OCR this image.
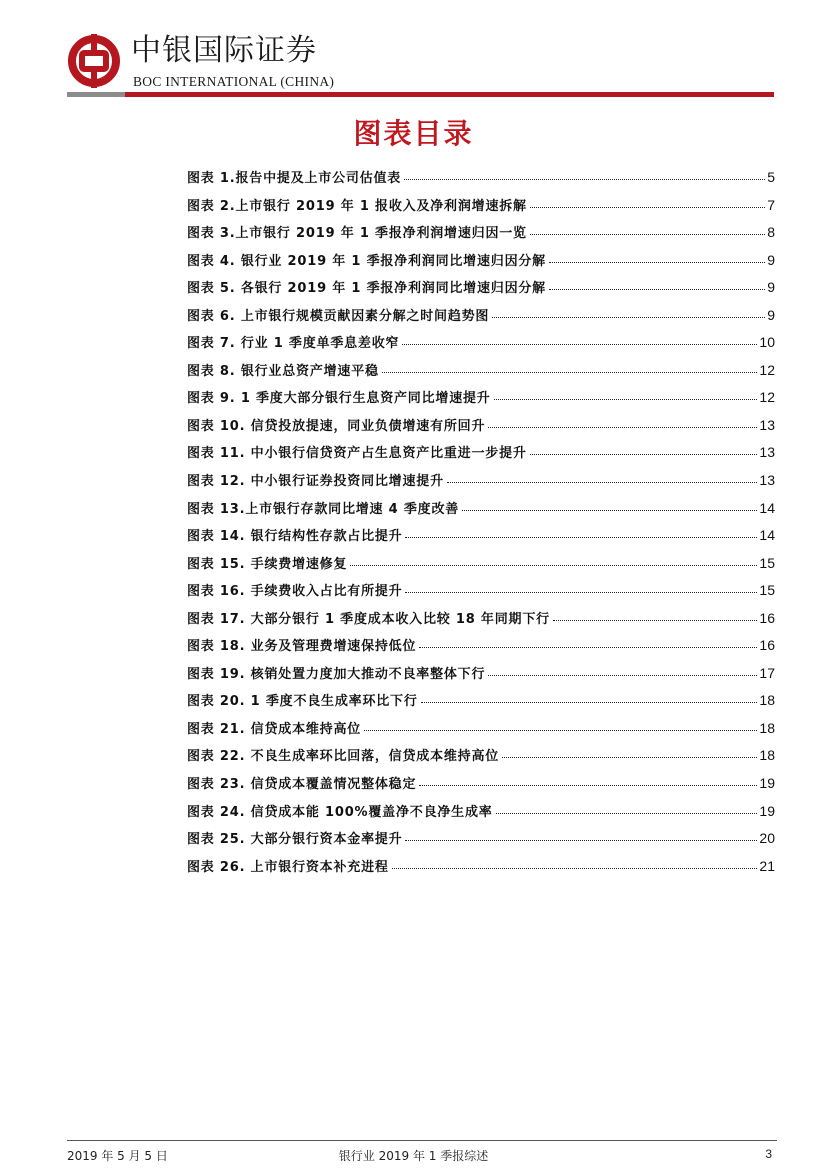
中银国际证券
BOC INTERNATIONAL (CHINA)
图表目录
图表 1.报告中提及上市公司估值表	5
图表 2.上市银行 2019 年 1 报收入及净利润增速拆解	7
图表 3.上市银行 2019 年 1 季报净利润增速归因一览	8
图表 4. 银行业 2019 年 1 季报净利润同比增速归因分解	9
图表 5. 各银行 2019 年 1 季报净利润同比增速归因分解	9
图表 6. 上市银行规模贡献因素分解之时间趋势图	9
图表 7. 行业 1 季度单季息差收窄	10
图表 8. 银行业总资产增速平稳	12
图表 9. 1 季度大部分银行生息资产同比增速提升	12
图表 10. 信贷投放提速，同业负债增速有所回升	13
图表 11. 中小银行信贷资产占生息资产比重进一步提升	13
图表 12. 中小银行证券投资同比增速提升	13
图表 13.上市银行存款同比增速 4 季度改善	14
图表 14. 银行结构性存款占比提升	14
图表 15. 手续费增速修复	15
图表 16. 手续费收入占比有所提升	15
图表 17. 大部分银行 1 季度成本收入比较 18 年同期下行	16
图表 18. 业务及管理费增速保持低位	16
图表 19. 核销处置力度加大推动不良率整体下行	17
图表 20. 1 季度不良生成率环比下行	18
图表 21. 信贷成本维持高位	18
图表 22. 不良生成率环比回落，信贷成本维持高位	18
图表 23. 信贷成本覆盖情况整体稳定	19
图表 24. 信贷成本能 100%覆盖净不良净生成率	19
图表 25. 大部分银行资本金率提升	20
图表 26. 上市银行资本补充进程	21
2019 年 5 月 5 日	银行业 2019 年 1 季报综述	3
